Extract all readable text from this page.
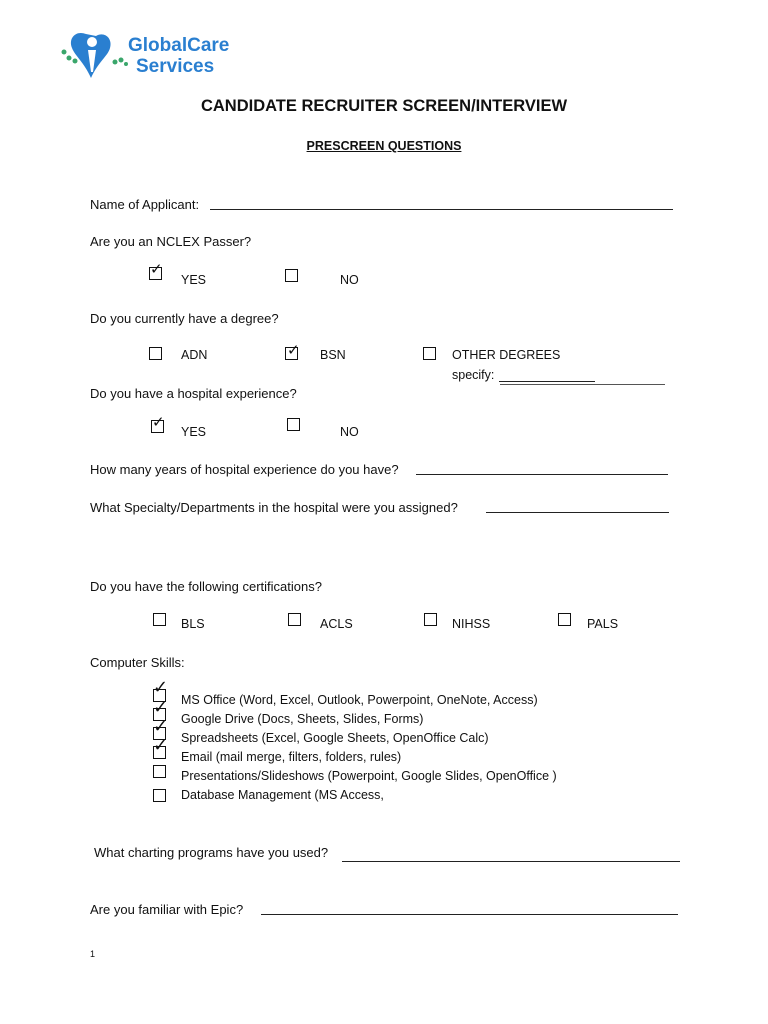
GlobalCare
Services
CANDIDATE RECRUITER SCREEN/INTERVIEW
PRESCREEN QUESTIONS
Name of Applicant:
Are you an NCLEX Passer?
✓
YES	NO
Do you currently have a degree?
ADN	✓ BSN	OTHER DEGREES
specify:
Do you have a hospital experience?
✓
YES	NO
How many years of hospital experience do you have?
What Specialty/Departments in the hospital were you assigned?
Do you have the following certifications?
BLS	ACLS	NIHSS	PALS
Computer Skills:
✓
MS Office (Word, Excel, Outlook, Powerpoint, OneNote, Access)
✓
Google Drive (Docs, Sheets, Slides, Forms)
✓
Spreadsheets (Excel, Google Sheets, OpenOffice Calc)
✓
Email (mail merge, filters, folders, rules)
Presentations/Slideshows (Powerpoint, Google Slides, OpenOffice )
Database Management (MS Access,
What charting programs have you used?
Are you familiar with Epic?
1
